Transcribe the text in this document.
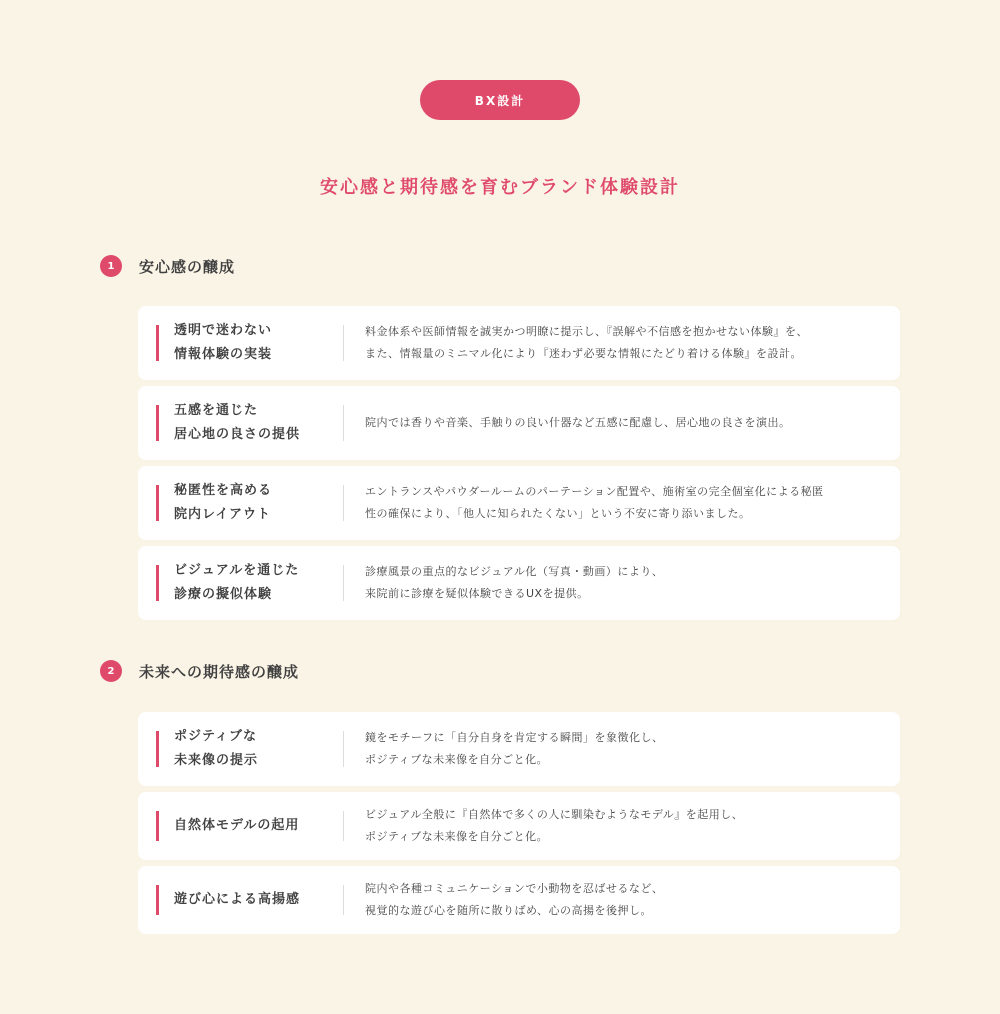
BX設計
安心感と期待感を育むブランド体験設計
1	安心感の醸成
透明で迷わない
情報体験の実装
料金体系や医師情報を誠実かつ明瞭に提示し、『誤解や不信感を抱かせない体験』を、
また、情報量のミニマル化により『迷わず必要な情報にたどり着ける体験』を設計。
五感を通じた
居心地の良さの提供
院内では香りや音楽、手触りの良い什器など五感に配慮し、居心地の良さを演出。
秘匿性を高める
院内レイアウト
エントランスやパウダールームのパーテーション配置や、施術室の完全個室化による秘匿
性の確保により、「他人に知られたくない」という不安に寄り添いました。
ビジュアルを通じた
診療の擬似体験
診療風景の重点的なビジュアル化（写真・動画）により、
来院前に診療を疑似体験できるUXを提供。
2	未来への期待感の醸成
ポジティブな
未来像の提示
鏡をモチーフに「自分自身を肯定する瞬間」を象徴化し、
ポジティブな未来像を自分ごと化。
自然体モデルの起用
ビジュアル全般に『自然体で多くの人に馴染むようなモデル』を起用し、
ポジティブな未来像を自分ごと化。
遊び心による高揚感
院内や各種コミュニケーションで小動物を忍ばせるなど、
視覚的な遊び心を随所に散りばめ、心の高揚を後押し。
